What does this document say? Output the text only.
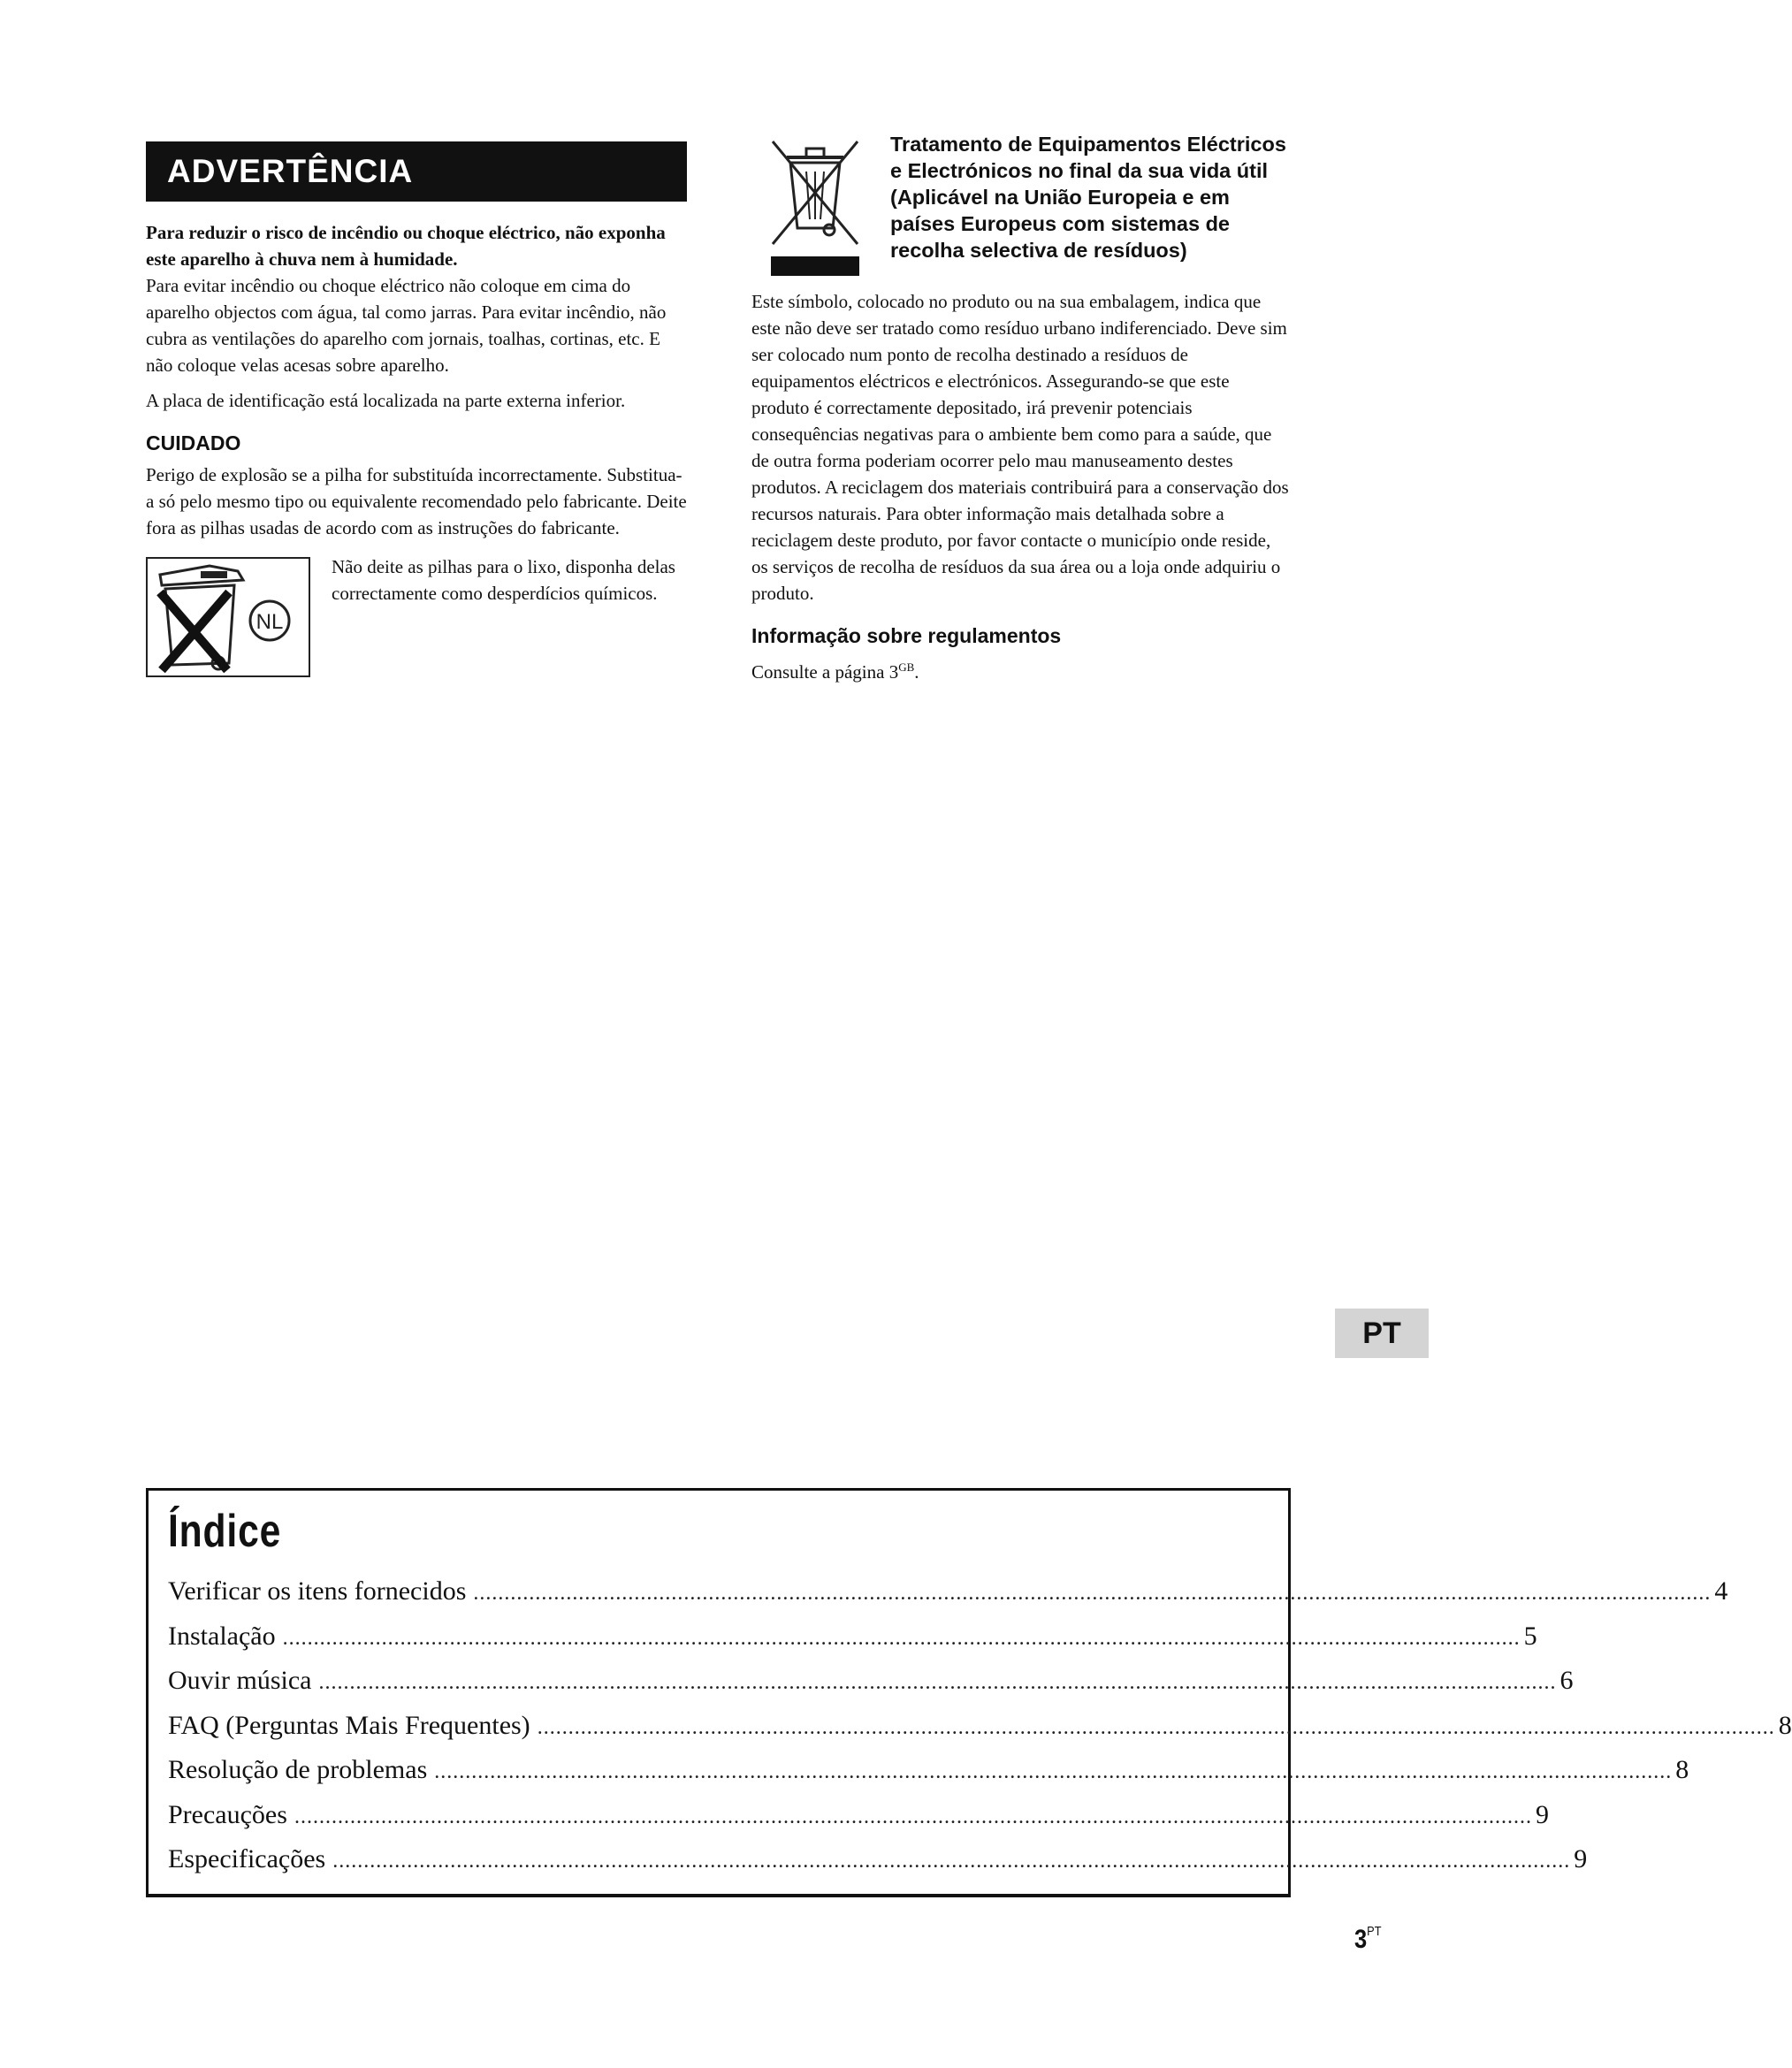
ADVERTÊNCIA

Para reduzir o risco de incêndio ou choque eléctrico, não exponha este aparelho à chuva nem à humidade.

Para evitar incêndio ou choque eléctrico não coloque em cima do aparelho objectos com água, tal como jarras. Para evitar incêndio, não cubra as ventilações do aparelho com jornais, toalhas, cortinas, etc. E não coloque velas acesas sobre aparelho.

A placa de identificação está localizada na parte externa inferior.

CUIDADO

Perigo de explosão se a pilha for substituída incorrectamente. Substitua-a só pelo mesmo tipo ou equivalente recomendado pelo fabricante. Deite fora as pilhas usadas de acordo com as instruções do fabricante.

NL
Não deite as pilhas para o lixo, disponha delas correctamente como desperdícios químicos.

Tratamento de Equipamentos Eléctricos e Electrónicos no final da sua vida útil (Aplicável na União Europeia e em países Europeus com sistemas de recolha selectiva de resíduos)

Este símbolo, colocado no produto ou na sua embalagem, indica que este não deve ser tratado como resíduo urbano indiferenciado. Deve sim ser colocado num ponto de recolha destinado a resíduos de equipamentos eléctricos e electrónicos. Assegurando-se que este produto é correctamente depositado, irá prevenir potenciais consequências negativas para o ambiente bem como para a saúde, que de outra forma poderiam ocorrer pelo mau manuseamento destes produtos. A reciclagem dos materiais contribuirá para a conservação dos recursos naturais. Para obter informação mais detalhada sobre a reciclagem deste produto, por favor contacte o município onde reside, os serviços de recolha de resíduos da sua área ou a loja onde adquiriu o produto.

Informação sobre regulamentos

Consulte a página $3^{GB}$.

PT
Índice
Verificar os itens fornecidos ........................................................................................................................................................................................................ 4
Instalação ........................................................................................................................................................................................................ 5
Ouvir música ........................................................................................................................................................................................................ 6
FAQ (Perguntas Mais Frequentes) ........................................................................................................................................................................................................ 8
Resolução de problemas ........................................................................................................................................................................................................ 8
Precauções ........................................................................................................................................................................................................ 9
Especificações ........................................................................................................................................................................................................ 9
$3^{PT}$
